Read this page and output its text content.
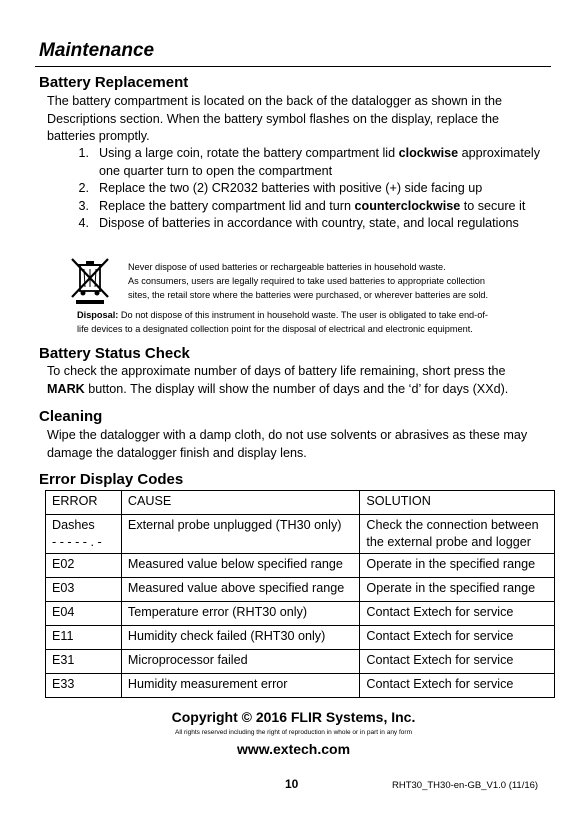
Maintenance
Battery Replacement

The battery compartment is located on the back of the datalogger as shown in the
Descriptions section. When the battery symbol flashes on the display, replace the
batteries promptly.

1. Using a large coin, rotate the battery compartment lid clockwise approximately
one quarter turn to open the compartment
2. Replace the two (2) CR2032 batteries with positive (+) side facing up
3. Replace the battery compartment lid and turn counterclockwise to secure it
4. Dispose of batteries in accordance with country, state, and local regulations

Never dispose of used batteries or rechargeable batteries in household waste.
As consumers, users are legally required to take used batteries to appropriate collection
sites, the retail store where the batteries were purchased, or wherever batteries are sold.

Disposal: Do not dispose of this instrument in household waste. The user is obligated to take end-of-
life devices to a designated collection point for the disposal of electrical and electronic equipment.

Battery Status Check

To check the approximate number of days of battery life remaining, short press the
MARK button. The display will show the number of days and the ‘d’ for days (XXd).

Cleaning

Wipe the datalogger with a damp cloth, do not use solvents or abrasives as these may
damage the datalogger finish and display lens.

Error Display Codes
ERROR	CAUSE	SOLUTION
Dashes
- - - - - . -	External probe unplugged (TH30 only)	Check the connection between
the external probe and logger
E02	Measured value below specified range	Operate in the specified range
E03	Measured value above specified range	Operate in the specified range
E04	Temperature error (RHT30 only)	Contact Extech for service
E11	Humidity check failed (RHT30 only)	Contact Extech for service
E31	Microprocessor failed	Contact Extech for service
E33	Humidity measurement error	Contact Extech for service

Copyright © 2016 FLIR Systems, Inc.

All rights reserved including the right of reproduction in whole or in part in any form

www.extech.com

10	RHT30_TH30-en-GB_V1.0 (11/16)
